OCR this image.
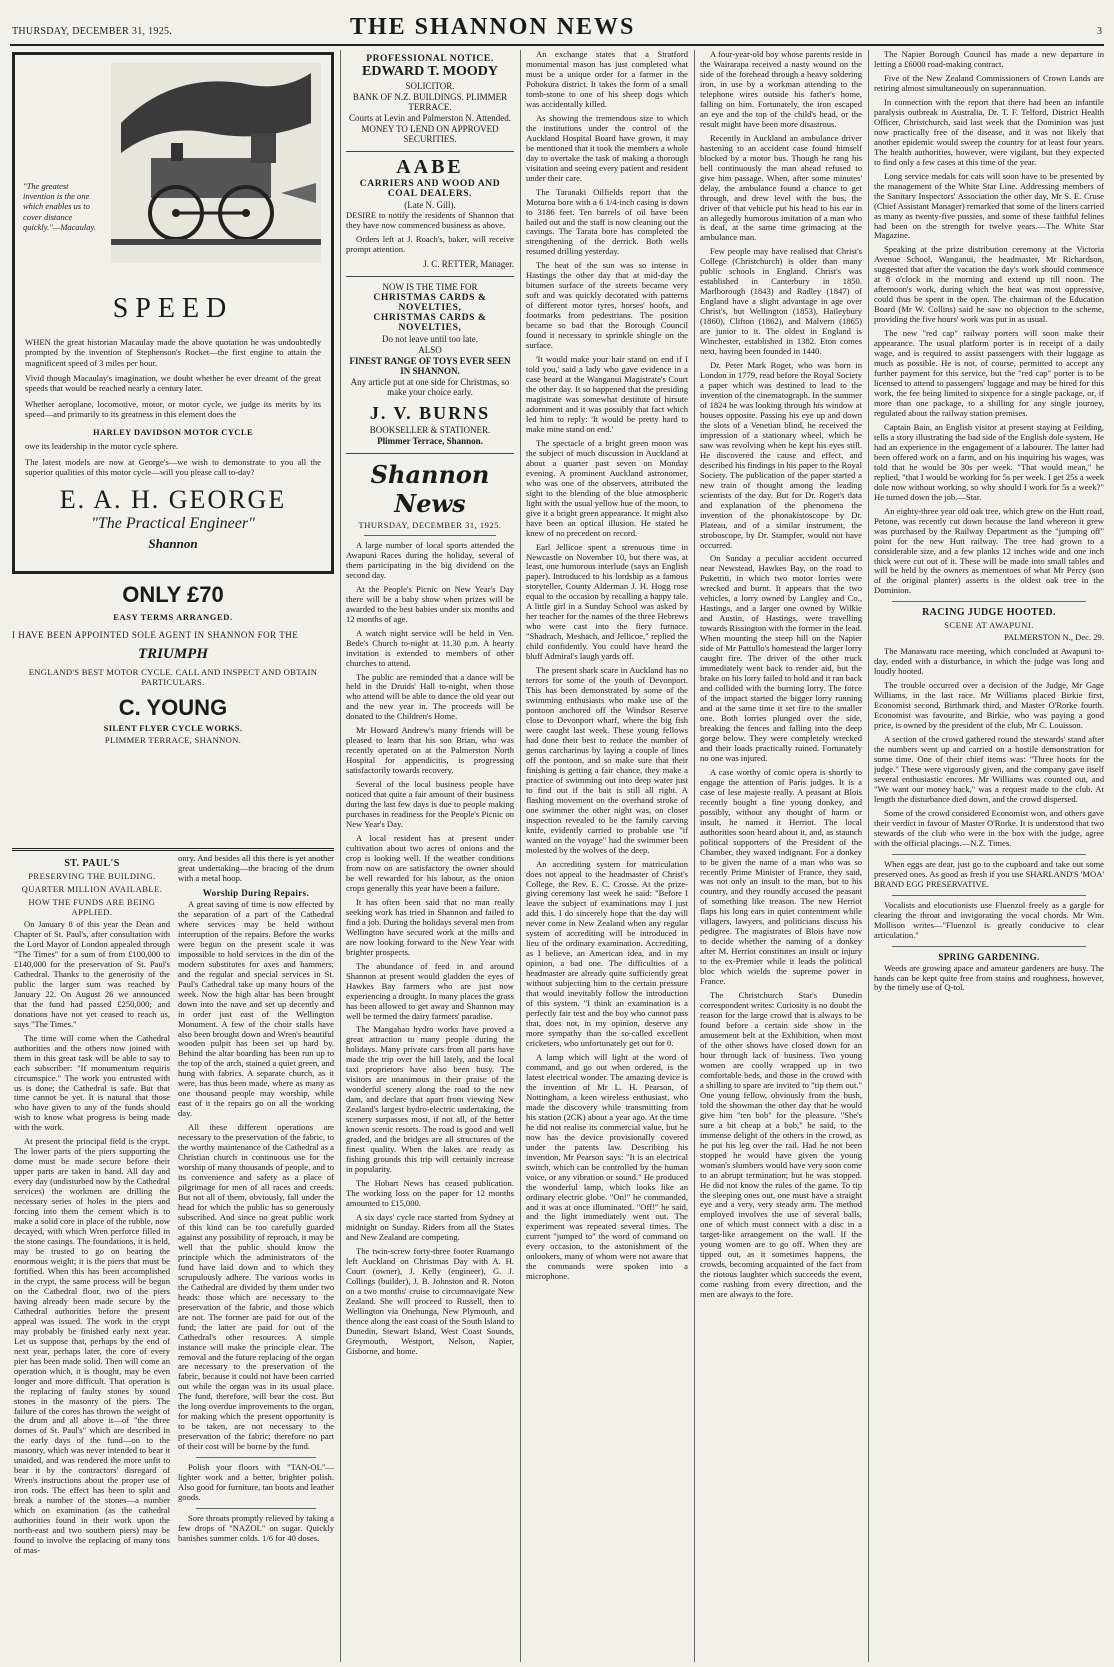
THURSDAY, DECEMBER 31, 1925.	THE SHANNON NEWS	3
"The greatest invention is the one which enables us to cover distance quickly."—Macaulay.
SPEED

WHEN the great historian Macaulay made the above quotation he was undoubtedly prompted by the invention of Stephenson's Rocket—the first engine to attain the magnificent speed of 3 miles per hour.

Vivid though Macaulay's imagination, we doubt whether he ever dreamt of the great speeds that would be reached nearly a century later.

Whether aeroplane, locomotive, motor, or motor cycle, we judge its merits by its speed—and primarily to its greatness in this element does the

HARLEY DAVIDSON MOTOR CYCLE

owe its leadership in the motor cycle sphere.

The latest models are now at George's—we wish to demonstrate to you all the superior qualities of this motor cycle—will you please call to-day?

E. A. H. GEORGE
"The Practical Engineer"
Shannon
ONLY £70
EASY TERMS ARRANGED.
I HAVE BEEN APPOINTED SOLE AGENT IN SHANNON FOR THE
TRIUMPH
ENGLAND'S BEST MOTOR CYCLE. CALL AND INSPECT AND OBTAIN PARTICULARS.
C. YOUNG
SILENT FLYER CYCLE WORKS.
PLIMMER TERRACE, SHANNON.
ST. PAUL'S
PRESERVING THE BUILDING.
QUARTER MILLION AVAILABLE.
HOW THE FUNDS ARE BEING APPLIED.

On January 8 of this year the Dean and Chapter of St. Paul's, after consultation with the Lord Mayor of London appealed through "The Times" for a sum of from £100,000 to £140,000 for the preservation of St. Paul's Cathedral. Thanks to the generosity of the public the larger sum was reached by January 22. On August 26 we announced that the fund had passed £250,000; and donations have not yet ceased to reach us, says "The Times."

The time will come when the Cathedral authorities and the others now joined with them in this great task will be able to say to each subscriber: "If monumentum requiris circumspice." The work you entrusted with us is done; the Cathedral is safe. But that time cannot be yet. It is natural that those who have given to any of the funds should wish to know what progress is being made with the work.

At present the principal field is the crypt. The lower parts of the piers supporting the dome must be made secure before their upper parts are taken in hand. All day and every day (undisturbed now by the Cathedral services) the workmen are drilling the necessary series of holes in the piers and forcing into them the cement which is to make a solid core in place of the rubble, now decayed, with which Wren perforce filled in the stone casings. The foundations, it is held, may be trusted to go on bearing the enormous weight; it is the piers that must be fortified. When this has been accomplished in the crypt, the same process will be begun on the Cathedral floor, two of the piers having already been made secure by the Cathedral authorities before the present appeal was issued. The work in the crypt may probably be finished early next year. Let us suppose that, perhaps by the end of next year, perhaps later, the core of every pier has been made solid. Then will come an operation which, it is thought, may be even longer and more difficult. That operation is the replacing of faulty stones by sound stones in the masonry of the piers. The failure of the cores has thrown the weight of the drum and all above it—of "the three domes of St. Paul's" which are described in the early days of the fund—on to the masonry, which was never intended to bear it unaided, and was rendered the more unfit to bear it by the contractors' disregard of Wren's instructions about the proper use of iron rods. The effect has been to split and break a number of the stones—a number which on examination (as the cathedral authorities found in their work upon the north-east and two southern piers) may be found to involve the replacing of many tons of mas-

onry. And besides all this there is yet another great undertaking—the bracing of the drum with a metal hoop.

Worship During Repairs.

A great saving of time is now effected by the separation of a part of the Cathedral where services may be held without interruption of the repairs. Before the works were begun on the present scale it was impossible to hold services in the din of the modern substitutes for axes and hammers; and the regular and special services in St. Paul's Cathedral take up many hours of the week. Now the high altar has been brought down into the nave and set up decently and in order just east of the Wellington Monument. A few of the choir stalls have also been brought down and Wren's beautiful wooden pulpit has been set up hard by. Behind the altar boarding has been run up to the top of the arch, stained a quiet green, and hung with fabrics. A separate church, as it were, has thus been made, where as many as one thousand people may worship, while east of it the repairs go on all the working day.

All these different operations are necessary to the preservation of the fabric, to the worthy maintenance of the Cathedral as a Christian church in continuous use for the worship of many thousands of people, and to its convenience and safety as a place of pilgrimage for men of all races and creeds. But not all of them, obviously, fall under the head for which the public has so generously subscribed. And since no great public work of this kind can be too carefully guarded against any possibility of reproach, it may be well that the public should know the principle which the administrators of the fund have laid down and to which they scrupulously adhere. The various works in the Cathedral are divided by them under two heads: those which are necessary to the preservation of the fabric, and those which are not. The former are paid for out of the fund; the latter are paid for out of the Cathedral's other resources. A simple instance will make the principle clear. The removal and the future replacing of the organ are necessary to the preservation of the fabric, because it could not have been carried out while the organ was in its usual place. The fund, therefore, will bear the cost. But the long overdue improvements to the organ, for making which the present opportunity is to be taken, are not necessary to the preservation of the fabric; therefore no part of their cost will be borne by the fund.

Polish your floors with "TAN-OL"—lighter work and a better, brighter polish. Also good for furniture, tan boots and leather goods.

Sore throats promptly relieved by taking a few drops of "NAZOL" on sugar. Quickly banishes summer colds. 1/6 for 40 doses.

PROFESSIONAL NOTICE.
EDWARD T. MOODY
SOLICITOR.
BANK OF N.Z. BUILDINGS. PLIMMER TERRACE.
Courts at Levin and Palmerston N. Attended.
MONEY TO LEND ON APPROVED SECURITIES.
AABE
CARRIERS AND WOOD AND COAL DEALERS.
(Late N. Gill).

DESIRE to notify the residents of Shannon that they have now commenced business as above.

Orders left at J. Roach's, baker, will receive prompt attention.

J. C. RETTER, Manager.
NOW IS THE TIME FOR
CHRISTMAS CARDS & NOVELTIES,
CHRISTMAS CARDS & NOVELTIES,
Do not leave until too late.
ALSO
FINEST RANGE OF TOYS EVER SEEN IN SHANNON.
Any article put at one side for Christmas, so make your choice early.
J. V. BURNS
BOOKSELLER & STATIONER.
Plimmer Terrace, Shannon.
Shannon News
THURSDAY, DECEMBER 31, 1925.

A large number of local sports attended the Awapuni Races during the holiday, several of them participating in the big dividend on the second day.

At the People's Picnic on New Year's Day there will be a baby show when prizes will be awarded to the best babies under six months and 12 months of age.

A watch night service will be held in Ven. Bede's Church to-night at 11.30 p.m. A hearty invitation is extended to members of other churches to attend.

The public are reminded that a dance will be held in the Druids' Hall to-night, when those who attend will be able to dance the old year out and the new year in. The proceeds will be donated to the Children's Home.

Mr Howard Andrew's many friends will be pleased to learn that his son Brian, who was recently operated on at the Palmerston North Hospital for appendicitis, is progressing satisfactorily towards recovery.

Several of the local business people have noticed that quite a fair amount of their business during the last few days is due to people making purchases in readiness for the People's Picnic on New Year's Day.

A local resident has at present under cultivation about two acres of onions and the crop is looking well. If the weather conditions from now on are satisfactory the owner should be well rewarded for his labour, as the onion crops generally this year have been a failure.

It has often been said that no man really seeking work has tried in Shannon and failed to find a job. During the holidays several men from Wellington have secured work at the mills and are now looking forward to the New Year with brighter prospects.

The abundance of feed in and around Shannon at present would gladden the eyes of Hawkes Bay farmers who are just now experiencing a drought. In many places the grass has been allowed to get away and Shannon may well be termed the dairy farmers' paradise.

The Mangahao hydro works have proved a great attraction to many people during the holidays. Many private cars from all parts have made the trip over the hill lately, and the local taxi proprietors have also been busy. The visitors are unanimous in their praise of the wonderful scenery along the road to the new dam, and declare that apart from viewing New Zealand's largest hydro-electric undertaking, the scenery surpasses most, if not all, of the better known scenic resorts. The road is good and well graded, and the bridges are all structures of the finest quality. When the lakes are ready as fishing grounds this trip will certainly increase in popularity.

The Hobart News has ceased publication. The working loss on the paper for 12 months amounted to £15,000.

A six days' cycle race started from Sydney at midnight on Sunday. Riders from all the States and New Zealand are competing.

The twin-screw forty-three footer Ruamango left Auckland on Christmas Day with A. H. Court (owner), J. Kelly (engineer), G. J. Collings (builder), J. B. Johnston and R. Noton on a two months' cruise to circumnavigate New Zealand. She will proceed to Russell, then to Wellington via Onehunga, New Plymouth, and thence along the east coast of the South Island to Dunedin, Stewart Island, West Coast Sounds, Greymouth, Westport, Nelson, Napier, Gisborne, and home.

An exchange states that a Stratford monumental mason has just completed what must be a unique order for a farmer in the Pohokura district. It takes the form of a small tomb-stone to one of his sheep dogs which was accidentally killed.

As showing the tremendous size to which the institutions under the control of the Auckland Hospital Board have grown, it may be mentioned that it took the members a whole day to overtake the task of making a thorough visitation and seeing every patient and resident under their care.

The Taranaki Oilfields report that the Moturoa bore with a 6 1/4-inch casing is down to 3186 feet. Ten barrels of oil have been bailed out and the staff is now cleaning out the cavings. The Tarata bore has completed the strengthening of the derrick. Both wells resumed drilling yesterday.

The heat of the sun was so intense in Hastings the other day that at mid-day the bitumen surface of the streets became very soft and was quickly decorated with patterns of different motor tyres, horses' hoofs, and footmarks from pedestrians. The position became so bad that the Borough Council found it necessary to sprinkle shingle on the surface.

'It would make your hair stand on end if I told you,' said a lady who gave evidence in a case heard at the Wanganui Magistrate's Court the other day. It so happened that the presiding magistrate was somewhat destitute of hirsute adornment and it was possibly that fact which led him to reply: 'It would be pretty hard to make mine stand on end.'

The spectacle of a bright green moon was the subject of much discussion in Auckland at about a quarter past seven on Monday evening. A prominent Auckland astronomer, who was one of the observers, attributed the sight to the blending of the blue atmospheric light with the usual yellow hue of the moon, to give it a bright green appearance. It might also have been an optical illusion. He stated he knew of no precedent on record.

Earl Jellicoe spent a strenuous time in Newcastle on November 10, but there was, at least, one humorous interlude (says an English paper). Introduced to his lordship as a famous storyteller, County Alderman J. H. Hogg rose equal to the occasion by recalling a happy tale. A little girl in a Sunday School was asked by her teacher for the names of the three Hebrews who were cast into the fiery furnace. "Shadrach, Meshach, and Jellicoe," replied the child confidently. You could have heard the bluff Admiral's laugh yards off.

The present shark scare in Auckland has no terrors for some of the youth of Devonport. This has been demonstrated by some of the swimming enthusiasts who make use of the pontoon anchored off the Windsor Reserve close to Devonport wharf, where the big fish were caught last week. These young fellows had done their best to reduce the number of genus carcharinus by laying a couple of lines off the pontoon, and so make sure that their finishing is getting a fair chance, they make a practice of swimming out into deep water just to find out if the bait is still all right. A flashing movement on the overhand stroke of one swimmer the other night was, on closer inspection revealed to be the family carving knife, evidently carried to probable use "if wanted on the voyage" had the swimmer been molested by the wolves of the deep.

An accrediting system for matriculation does not appeal to the headmaster of Christ's College, the Rev. E. C. Crosse. At the prize-giving ceremony last week he said: "Before I leave the subject of examinations may I just add this. I do sincerely hope that the day will never come in New Zealand when any regular system of accrediting will be introduced in lieu of the ordinary examination. Accrediting, as I believe, an American idea, and in my opinion, a bad one. The difficulties of a headmaster are already quite sufficiently great without subjecting him to the certain pressure that would inevitably follow the introduction of this system. "I think an examination is a perfectly fair test and the boy who cannot pass that, does not, in my opinion, deserve any more sympathy than the so-called excellent cricketers, who unfortunately get out for 0.

A lamp which will light at the word of command, and go out when ordered, is the latest electrical wonder. The amazing device is the invention of Mr L. H. Pearson, of Nottingham, a keen wireless enthusiast, who made the discovery while transmitting from his station (2CK) about a year ago. At the time he did not realise its commercial value, but he now has the device provisionally covered under the patents law. Describing his invention, Mr Pearson says: "It is an electrical switch, which can be controlled by the human voice, or any vibration or sound." He produced the wonderful lamp, which looks like an ordinary electric globe. "On!" he commanded, and it was at once illuminated. "Off!" he said, and the light immediately went out. The experiment was repeated several times. The current "jumped to" the word of command on every occasion, to the astonishment of the onlookers, many of whom were not aware that the commands were spoken into a microphone.

A four-year-old boy whose parents reside in the Wairarapa received a nasty wound on the side of the forehead through a heavy soldering iron, in use by a workman attending to the telephone wires outside his father's home, falling on him. Fortunately, the iron escaped an eye and the top of the child's head, or the result might have been more disastrous.

Recently in Auckland an ambulance driver hastening to an accident case found himself blocked by a motor bus. Though he rang his bell continuously the man ahead refused to give him passage. When, after some minutes' delay, the ambulance found a chance to get through, and drew level with the bus, the driver of that vehicle put his head to his ear in an allegedly humorous imitation of a man who is deaf, at the same time grimacing at the ambulance man.

Few people may have realised that Christ's College (Christchurch) is older than many public schools in England. Christ's was established in Canterbury in 1850. Marlborough (1843) and Radley (1847) of England have a slight advantage in age over Christ's, but Wellington (1853), Haileybury (1860), Clifton (1862), and Malvern (1865) are junior to it. The oldest in England is Winchester, established in 1382. Eton comes next, having been founded in 1440.

Dr. Peter Mark Roget, who was born in London in 1779, read before the Royal Society a paper which was destined to lead to the invention of the cinematograph. In the summer of 1824 he was looking through his window at houses opposite. Passing his eye up and down the slots of a Venetian blind, he received the impression of a stationary wheel, which he saw was revolving when he kept his eyes still. He discovered the cause and effect, and described his findings in his paper to the Royal Society. The publication of the paper started a new train of thought among the leading scientists of the day. But for Dr. Roget's data and explanation of the phenomena the invention of the phonakistoscope by Dr. Plateau, and of a similar instrument, the stroboscope, by Dr. Stampfer, would not have occurred.

On Sunday a peculiar accident occurred near Newstead, Hawkes Bay, on the road to Pukettiti, in which two motor lorries were wrecked and burnt. It appears that the two vehicles, a lorry owned by Langley and Co., Hastings, and a larger one owned by Wilkie and Austin, of Hastings, were travelling towards Rissington with the former in the lead. When mounting the steep hill on the Napier side of Mr Pattullo's homestead the larger lorry caught fire. The driver of the other truck immediately went back to render aid, but the brake on his lorry failed to hold and it ran back and collided with the burning lorry. The force of the impact started the bigger lorry running and at the same time it set fire to the smaller one. Both lorries plunged over the side, breaking the fences and falling into the deep gorge below. They were completely wrecked and their loads practically ruined. Fortunately no one was injured.

A case worthy of comic opera is shortly to engage the attention of Paris judges. It is a case of lese majeste really. A peasant at Blois recently bought a fine young donkey, and possibly, without any thought of harm or insult, he named it Herriot. The local authorities soon heard about it, and, as staunch political supporters of the President of the Chamber, they waxed indignant. For a donkey to be given the name of a man who was so recently Prime Minister of France, they said, was not only an insult to the man, but to his country, and they roundly accused the peasant of something like treason. The new Herriot flaps his long ears in quiet contentment while villagers, lawyers, and politicians discuss his pedigree. The magistrates of Blois have now to decide whether the naming of a donkey after M. Herriot constitutes an insult or injury to the ex-Premier while it leads the political bloc which wields the supreme power in France.

The Christchurch Star's Dunedin correspondent writes: Curiosity is no doubt the reason for the large crowd that is always to be found before a certain side show in the amusement belt at the Exhibition, when most of the other shows have closed down for an hour through lack of business. Two young women are coolly wrapped up in two comfortable beds, and those in the crowd with a shilling to spare are invited to "tip them out." One young fellow, obviously from the bush, told the showman the other day that he would give him "ten bob" for the pleasure. "She's sure a bit cheap at a bob," he said, to the immense delight of the others in the crowd, as he put his leg over the rail. Had he not been stopped he would have given the young woman's slumbers would have very soon come to an abrupt termination; but he was stopped. He did not know the rules of the game. To tip the sleeping ones out, one must have a straight eye and a very, very steady arm. The method employed involves the use of several balls, one of which must connect with a disc in a target-like arrangement on the wall. If the young women are to go off. When they are tipped out, as it sometimes happens, the crowds, becoming acquainted of the fact from the riotous laughter which succeeds the event, come rushing from every direction, and the men are always to the fore.

The Napier Borough Council has made a new departure in letting a £6000 road-making contract.

Five of the New Zealand Commissioners of Crown Lands are retiring almost simultaneously on superannuation.

In connection with the report that there had been an infantile paralysis outbreak in Australia, Dr. T. F. Telford, District Health Officer, Christchurch, said last week that the Dominion was just now practically free of the disease, and it was not likely that another epidemic would sweep the country for at least four years. The health authorities, however, were vigilant, but they expected to find only a few cases at this time of the year.

Long service medals for cats will soon have to be presented by the management of the White Star Line. Addressing members of the Sanitary Inspectors' Association the other day, Mr S. E. Cruse (Chief Assistant Manager) remarked that some of the liners carried as many as twenty-five pussies, and some of these faithful felines had been on the strength for twelve years.—The White Star Magazine.

Speaking at the prize distribution ceremony at the Victoria Avenue School, Wanganui, the headmaster, Mr Richardson, suggested that after the vacation the day's work should commence at 8 o'clock in the morning and extend up till noon. The afternoon's work, during which the heat was most oppressive, could thus be spent in the open. The chairman of the Education Board (Mr W. Collins) said he saw no objection to the scheme, providing the five hours' work was put in as usual.

The new "red cap" railway porters will soon make their appearance. The usual platform porter is in receipt of a daily wage, and is required to assist passengers with their luggage as much as possible. He is not, of course, permitted to accept any further payment for this service, but the "red cap" porter is to be licensed to attend to passengers' luggage and may be hired for this work, the fee being limited to sixpence for a single package, or, if more than one package, to a shilling for any single journey, regulated about the railway station premises.

Captain Bain, an English visitor at present staying at Feilding, tells a story illustrating the bad side of the English dole system. He had an experience in the engagement of a labourer. The latter had been offered work on a farm, and on his inquiring his wages, was told that he would be 30s per week. "That would mean," he replied, "that I would be working for 5s per week. I get 25s a week dole now without working, so why should I work for 5s a week?" He turned down the job.—Star.

An eighty-three year old oak tree, which grew on the Hutt road, Petone, was recently cut down because the land whereon it grew was purchased by the Railway Department as the "jumping off" point for the new Hutt railway. The tree had grown to a considerable size, and a few planks 12 inches wide and one inch thick were cut out of it. These will be made into small tables and will be held by the owners as mementoes of what Mr Percy (son of the original planter) asserts is the oldest oak tree in the Dominion.

RACING JUDGE HOOTED.
SCENE AT AWAPUNI.

PALMERSTON N., Dec. 29.

The Manawatu race meeting, which concluded at Awapuni to-day, ended with a disturbance, in which the judge was long and loudly hooted.

The trouble occurred over a decision of the Judge, Mr Gage Williams, in the last race. Mr Williams placed Birkie first, Economist second, Birthmark third, and Master O'Rorke fourth. Economist was favourite, and Birkie, who was paying a good price, is owned by the president of the club, Mr C. Louisson.

A section of the crowd gathered round the stewards' stand after the numbers went up and carried on a hostile demonstration for some time. One of their chief items was: "Three hoots for the judge." These were vigorously given, and the company gave itself several enthusiastic encores. Mr Williams was counted out, and "We want our money back," was a request made to the club. At length the disturbance died down, and the crowd dispersed.

Some of the crowd considered Economist won, and others gave their verdict in favour of Master O'Rorke. It is understood that two stewards of the club who were in the box with the judge, agree with the official placings.—N.Z. Times.

When eggs are dear, just go to the cupboard and take out some preserved ones. As good as fresh if you use SHARLAND'S 'MOA' BRAND EGG PRESERVATIVE.

Vocalists and elocutionists use Fluenzol freely as a gargle for clearing the throat and invigorating the vocal chords. Mr Wm. Mollison writes—"Fluenzol is greatly conducive to clear articulation."

SPRING GARDENING.

Weeds are growing apace and amateur gardeners are busy. The hands can be kept quite free from stains and roughness, however, by the timely use of Q-tol.
